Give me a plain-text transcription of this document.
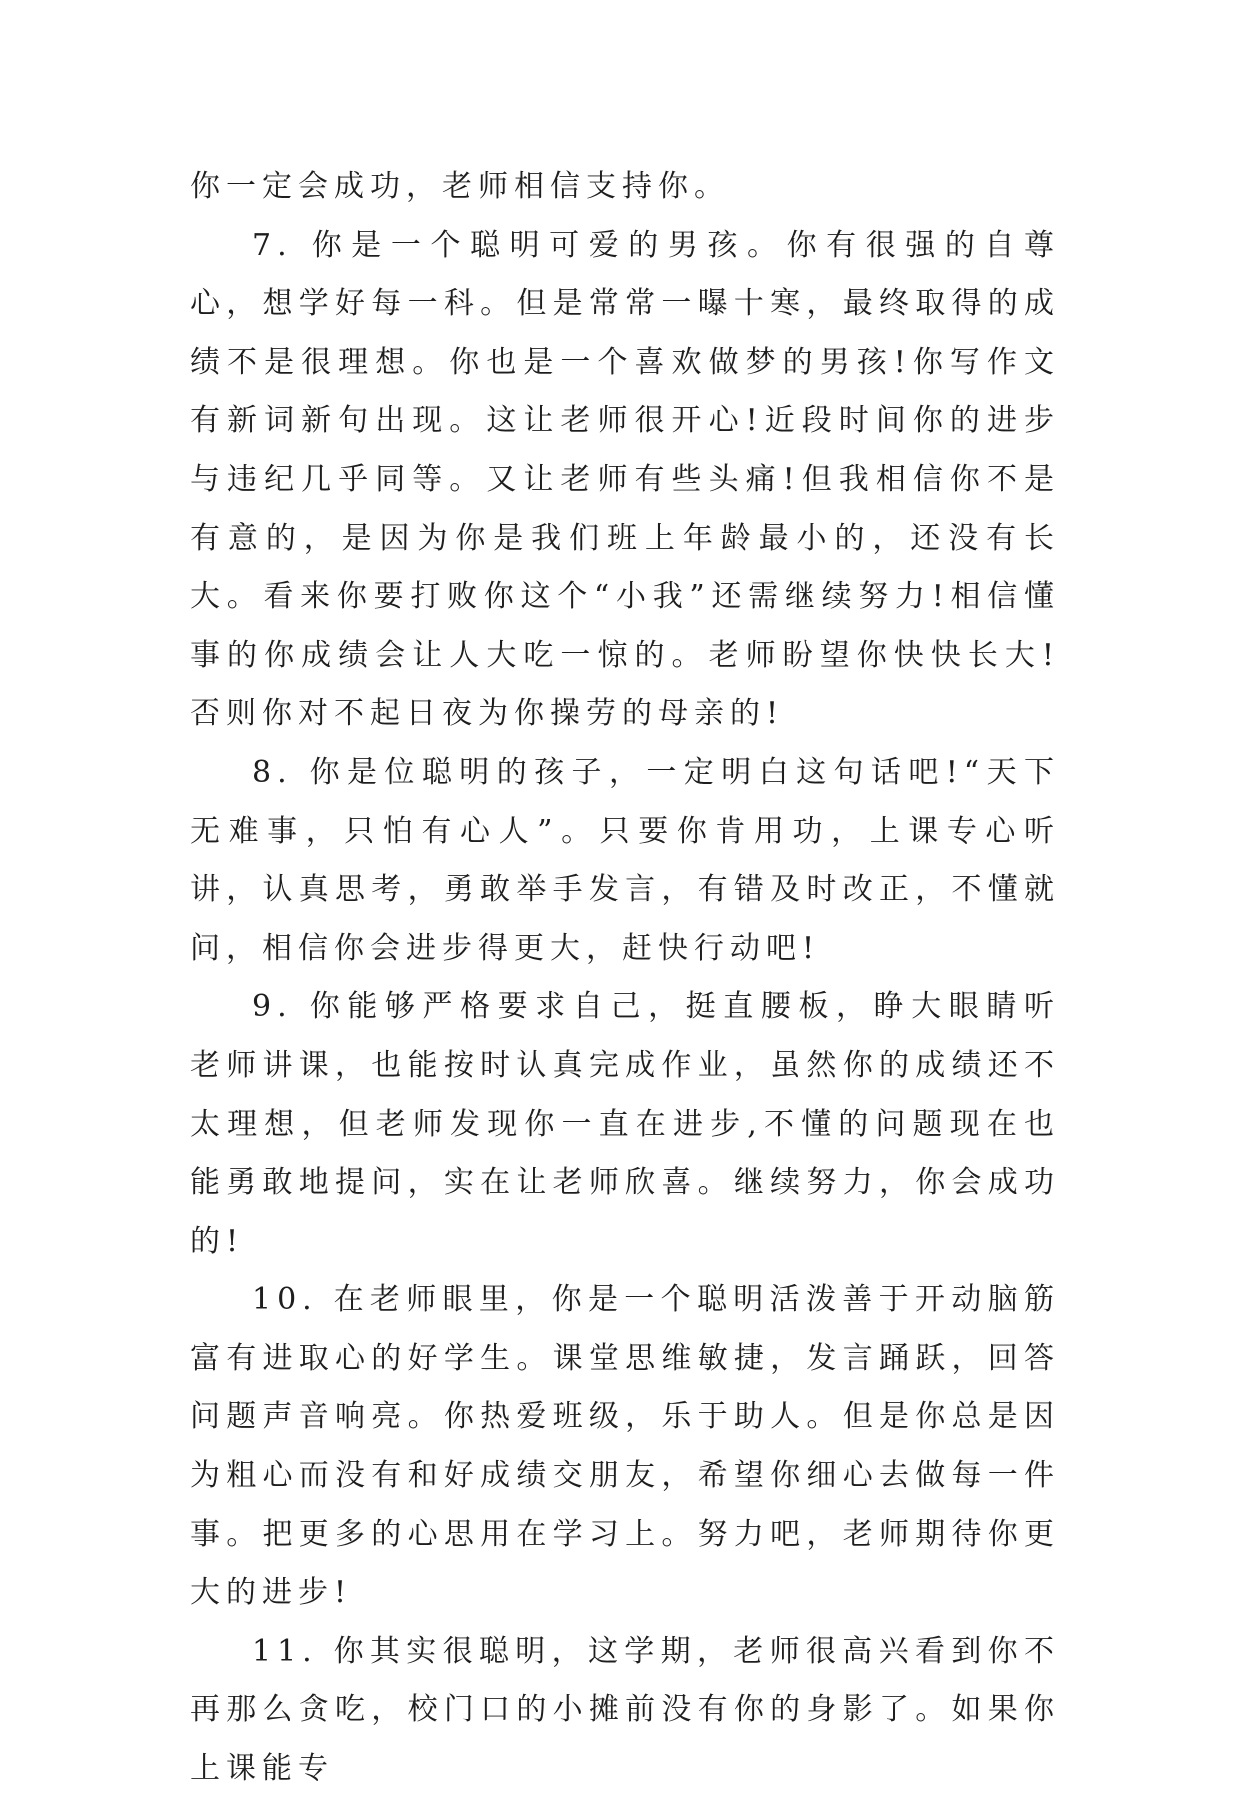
你一定会成功，老师相信支持你。

7. 你是一个聪明可爱的男孩。你有很强的自尊心，想学好每一科。但是常常一曝十寒，最终取得的成绩不是很理想。你也是一个喜欢做梦的男孩!你写作文有新词新句出现。这让老师很开心!近段时间你的进步与违纪几乎同等。又让老师有些头痛!但我相信你不是有意的，是因为你是我们班上年龄最小的，还没有长大。看来你要打败你这个“小我”还需继续努力!相信懂事的你成绩会让人大吃一惊的。老师盼望你快快长大!否则你对不起日夜为你操劳的母亲的!

8. 你是位聪明的孩子，一定明白这句话吧!“天下无难事，只怕有心人”。只要你肯用功，上课专心听讲，认真思考，勇敢举手发言，有错及时改正，不懂就问，相信你会进步得更大，赶快行动吧!

9. 你能够严格要求自己，挺直腰板，睁大眼睛听老师讲课，也能按时认真完成作业，虽然你的成绩还不太理想，但老师发现你一直在进步,不懂的问题现在也能勇敢地提问，实在让老师欣喜。继续努力，你会成功的!

10. 在老师眼里，你是一个聪明活泼善于开动脑筋富有进取心的好学生。课堂思维敏捷，发言踊跃，回答问题声音响亮。你热爱班级，乐于助人。但是你总是因为粗心而没有和好成绩交朋友，希望你细心去做每一件事。把更多的心思用在学习上。努力吧，老师期待你更大的进步!

11. 你其实很聪明，这学期，老师很高兴看到你不再那么贪吃，校门口的小摊前没有你的身影了。如果你上课能专
